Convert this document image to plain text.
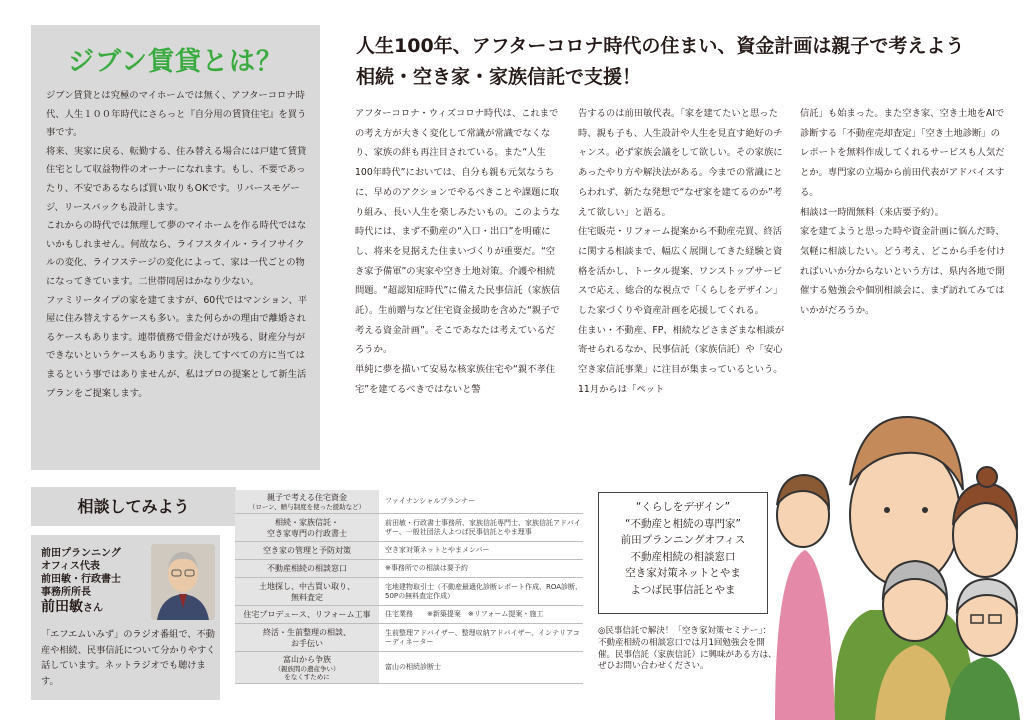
ジブン賃貸とは？

ジブン賃貸とは究極のマイホームでは無く、アフターコロナ時代、人生１００年時代にさらっと『自分用の賃貸住宅』を買う事です。

将来、実家に戻る、転勤する、住み替える場合には戸建て賃貸住宅として収益物件のオーナーになれます。もし、不要であったり、不安であるならば買い取りもOKです。リバースモゲージ、リースバックも設計します。

これからの時代では無理して夢のマイホームを作る時代ではないかもしれません。何故なら、ライフスタイル・ライフサイクルの変化、ライフステージの変化によって、家は一代ごとの物になってきています。二世帯同居はかなり少ない。

ファミリータイプの家を建てますが、60代ではマンション、平屋に住み替えするケースも多い。また何らかの理由で離婚されるケースもあります。連帯債務で借金だけが残る、財産分与ができないというケースもあります。決してすべての方に当てはまるという事ではありませんが、私はプロの提案として新生活プランをご提案します。

人生100年、アフターコロナ時代の住まい、資金計画は親子で考えよう
相続・空き家・家族信託で支援！

アフターコロナ・ウィズコロナ時代は、これまでの考え方が大きく変化して常識が常識でなくなり、家族の絆も再注目されている。また“人生100年時代”においては、自分も親も元気なうちに、早めのアクションでやるべきことや課題に取り組み、長い人生を楽しみたいもの。このような時代には、まず不動産の“入口・出口”を明確にし、将来を見据えた住まいづくりが重要だ。“空き家予備軍”の実家や空き土地対策。介護や相続問題。“超認知症時代”に備えた民事信託（家族信託）。生前贈与など住宅資金援助を含めた“親子で考える資金計画”。そこであなたは考えているだろうか。

単純に夢を描いて安易な核家族住宅や“親不孝住宅”を建てるべきではないと警

告するのは前田敏代表。「家を建てたいと思った時、親も子も、人生設計や人生を見直す絶好のチャンス。必ず家族会議をして欲しい。その家族にあったやり方や解決法がある。今までの常識にとらわれず、新たな発想で“なぜ家を建てるのか”考えて欲しい」と語る。

住宅販売・リフォーム提案から不動産売買、終活に関する相談まで、幅広く展開してきた経験と資格を活かし、トータル提案、ワンストップサービスで応え、総合的な視点で「くらしをデザイン」した家づくりや資産計画を応援してくれる。

住まい・不動産、FP、相続などさまざまな相談が寄せられるなか、民事信託（家族信託）や「安心空き家信託事業」に注目が集まっているという。11月からは「ペット

信託」も始まった。また空き家、空き土地をAIで診断する「不動産売却査定」「空き土地診断」のレポートを無料作成してくれるサービスも人気だとか。専門家の立場から前田代表がアドバイスする。

相談は一時間無料（来店要予約）。

家を建てようと思った時や資金計画に悩んだ時、気軽に相談したい。どう考え、どこから手を付ければいいか分からないという方は、県内各地で開催する勉強会や個別相談会に、まず訪れてみてはいかがだろうか。

相談してみよう
前田プランニング
オフィス代表
前田敏・行政書士
事務所所長
前田敏さん
「エフエムいみず」のラジオ番組で、不動産や相続、民事信託について分かりやすく話しています。ネットラジオでも聴けます。
親子で考える住宅資金
（ローン、贈与制度を使った援助など）	ファイナンシャルプランナー

相続・家族信託・
空き家専門の行政書士	前田敏・行政書士事務所、家族信託専門士、家族信託アドバイザー、一般社団法人よつば民事信託とやま理事

空き家の管理と予防対策	空き家対策ネットとやまメンバー

不動産相続の相談窓口	※事務所での相談は要予約

土地探し、中古買い取り、
無料査定	宅地建物取引士（不動産最適化診断レポート作成、ROA診断、50Pの無料査定作成）

住宅プロデュース、リフォーム工事	住宅業務　　※新築提案　※リフォーム提案・施工

終活・生前整理の相談、
お手伝い	生前整理アドバイザー、整理収納アドバイザー、インテリアコーディネーター

富山から争族
（親族間の遺産争い）
をなくすために	富山の相続診断士
“くらしをデザイン”
“不動産と相続の専門家”
前田プランニングオフィス
不動産相続の相談窓口
空き家対策ネットとやま
よつば民事信託とやま
◎民事信託で解決！「空き家対策セミナー」：不動産相続の相談窓口では月1回勉強会を開催。民事信託（家族信託）に興味がある方は、ぜひお問い合わせください。
